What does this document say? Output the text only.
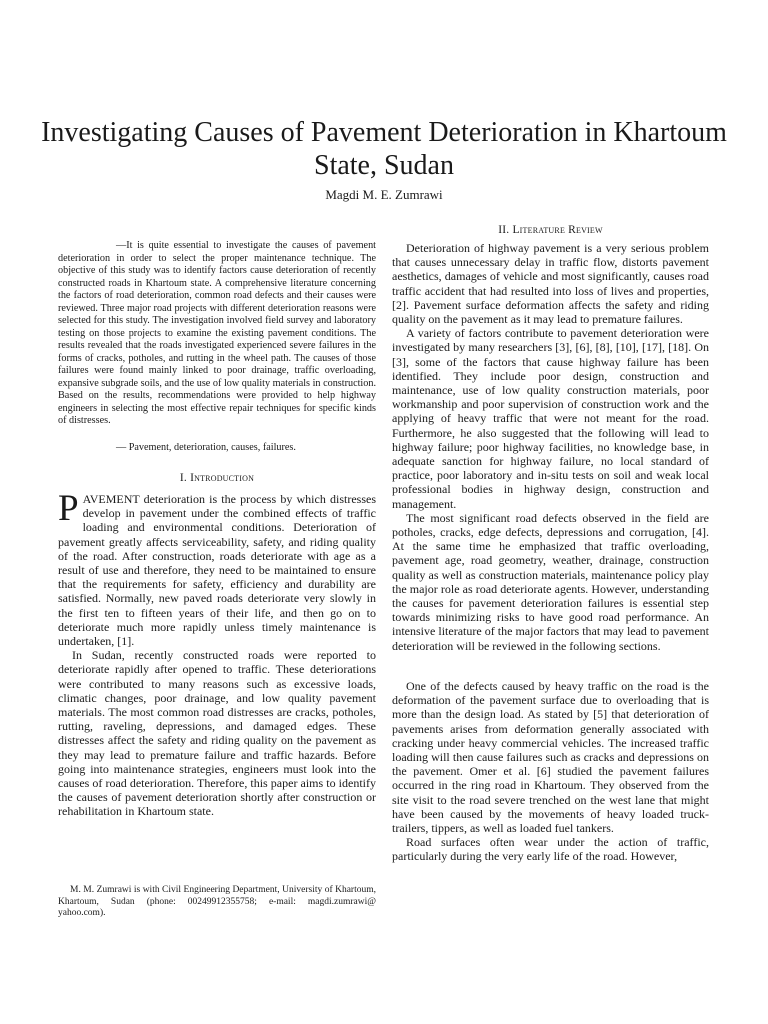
Investigating Causes of Pavement Deterioration in Khartoum State, Sudan
Magdi M. E. Zumrawi

—It is quite essential to investigate the causes of pavement deterioration in order to select the proper maintenance technique. The objective of this study was to identify factors cause deterioration of recently constructed roads in Khartoum state. A comprehensive literature concerning the factors of road deterioration, common road defects and their causes were reviewed. Three major road projects with different deterioration reasons were selected for this study. The investigation involved field survey and laboratory testing on those projects to examine the existing pavement conditions. The results revealed that the roads investigated experienced severe failures in the forms of cracks, potholes, and rutting in the wheel path. The causes of those failures were found mainly linked to poor drainage, traffic overloading, expansive subgrade soils, and the use of low quality materials in construction. Based on the results, recommendations were provided to help highway engineers in selecting the most effective repair techniques for specific kinds of distresses.

— Pavement, deterioration, causes, failures.

I. Introduction

PAVEMENT deterioration is the process by which distresses develop in pavement under the combined effects of traffic loading and environmental conditions. Deterioration of pavement greatly affects serviceability, safety, and riding quality of the road. After construction, roads deteriorate with age as a result of use and therefore, they need to be maintained to ensure that the requirements for safety, efficiency and durability are satisfied. Normally, new paved roads deteriorate very slowly in the first ten to fifteen years of their life, and then go on to deteriorate much more rapidly unless timely maintenance is undertaken, [1].

In Sudan, recently constructed roads were reported to deteriorate rapidly after opened to traffic. These deteriorations were contributed to many reasons such as excessive loads, climatic changes, poor drainage, and low quality pavement materials. The most common road distresses are cracks, potholes, rutting, raveling, depressions, and damaged edges. These distresses affect the safety and riding quality on the pavement as they may lead to premature failure and traffic hazards. Before going into maintenance strategies, engineers must look into the causes of road deterioration. Therefore, this paper aims to identify the causes of pavement deterioration shortly after construction or rehabilitation in Khartoum state.

M. M. Zumrawi is with Civil Engineering Department, University of Khartoum, Khartoum, Sudan (phone: 00249912355758; e-mail: magdi.zumrawi@ yahoo.com).

II. Literature Review

Deterioration of highway pavement is a very serious problem that causes unnecessary delay in traffic flow, distorts pavement aesthetics, damages of vehicle and most significantly, causes road traffic accident that had resulted into loss of lives and properties, [2]. Pavement surface deformation affects the safety and riding quality on the pavement as it may lead to premature failures.

A variety of factors contribute to pavement deterioration were investigated by many researchers [3], [6], [8], [10], [17], [18]. On [3], some of the factors that cause highway failure has been identified. They include poor design, construction and maintenance, use of low quality construction materials, poor workmanship and poor supervision of construction work and the applying of heavy traffic that were not meant for the road. Furthermore, he also suggested that the following will lead to highway failure; poor highway facilities, no knowledge base, in adequate sanction for highway failure, no local standard of practice, poor laboratory and in-situ tests on soil and weak local professional bodies in highway design, construction and management.

The most significant road defects observed in the field are potholes, cracks, edge defects, depressions and corrugation, [4]. At the same time he emphasized that traffic overloading, pavement age, road geometry, weather, drainage, construction quality as well as construction materials, maintenance policy play the major role as road deteriorate agents. However, understanding the causes for pavement deterioration failures is essential step towards minimizing risks to have good road performance. An intensive literature of the major factors that may lead to pavement deterioration will be reviewed in the following sections.

One of the defects caused by heavy traffic on the road is the deformation of the pavement surface due to overloading that is more than the design load. As stated by [5] that deterioration of pavements arises from deformation generally associated with cracking under heavy commercial vehicles. The increased traffic loading will then cause failures such as cracks and depressions on the pavement. Omer et al. [6] studied the pavement failures occurred in the ring road in Khartoum. They observed from the site visit to the road severe trenched on the west lane that might have been caused by the movements of heavy loaded truck-trailers, tippers, as well as loaded fuel tankers.

Road surfaces often wear under the action of traffic, particularly during the very early life of the road. However,
